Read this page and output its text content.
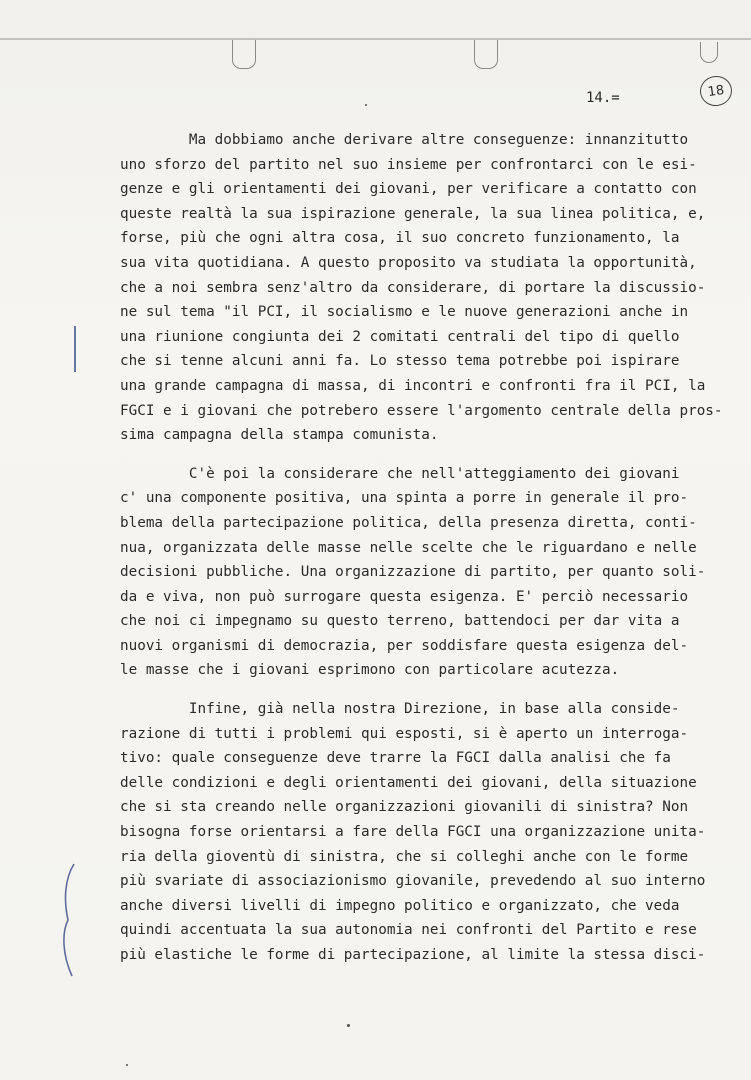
14.=	18
Ma dobbiamo anche derivare altre conseguenze: innanzitutto
uno sforzo del partito nel suo insieme per confrontarci con le esi-
genze e gli orientamenti dei giovani, per verificare a contatto con
queste realtà la sua ispirazione generale, la sua linea politica, e,
forse, più che ogni altra cosa, il suo concreto funzionamento, la
sua vita quotidiana. A questo proposito va studiata la opportunità,
che a noi sembra senz'altro da considerare, di portare la discussio-
ne sul tema "il PCI, il socialismo e le nuove generazioni anche in
una riunione congiunta dei 2 comitati centrali del tipo di quello
che si tenne alcuni anni fa. Lo stesso tema potrebbe poi ispirare
una grande campagna di massa, di incontri e confronti fra il PCI, la
FGCI e i giovani che potrebero essere l'argomento centrale della pros-
sima campagna della stampa comunista.
C'è poi la considerare che nell'atteggiamento dei giovani
c' una componente positiva, una spinta a porre in generale il pro-
blema della partecipazione politica, della presenza diretta, conti-
nua, organizzata delle masse nelle scelte che le riguardano e nelle
decisioni pubbliche. Una organizzazione di partito, per quanto soli-
da e viva, non può surrogare questa esigenza. E' perciò necessario
che noi ci impegnamo su questo terreno, battendoci per dar vita a
nuovi organismi di democrazia, per soddisfare questa esigenza del-
le masse che i giovani esprimono con particolare acutezza.
Infine, già nella nostra Direzione, in base alla conside-
razione di tutti i problemi qui esposti, si è aperto un interroga-
tivo: quale conseguenze deve trarre la FGCI dalla analisi che fa
delle condizioni e degli orientamenti dei giovani, della situazione
che si sta creando nelle organizzazioni giovanili di sinistra? Non
bisogna forse orientarsi a fare della FGCI una organizzazione unita-
ria della gioventù di sinistra, che si colleghi anche con le forme
più svariate di associazionismo giovanile, prevedendo al suo interno
anche diversi livelli di impegno politico e organizzato, che veda
quindi accentuata la sua autonomia nei confronti del Partito e rese
più elastiche le forme di partecipazione, al limite la stessa disci-
